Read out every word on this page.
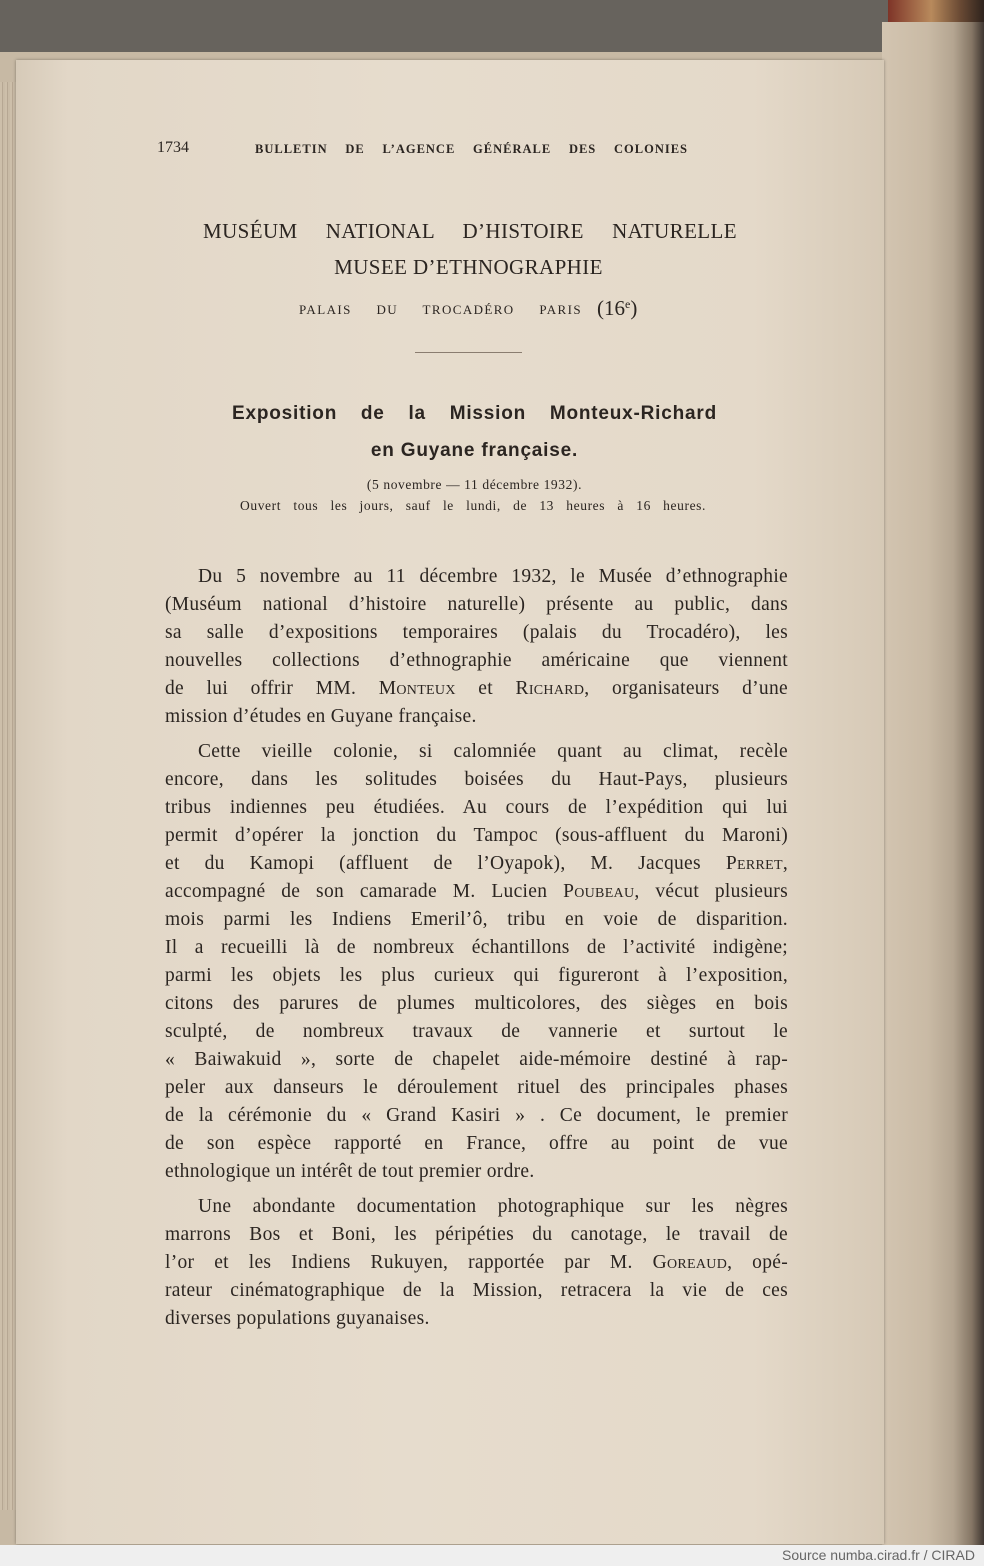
1734	BULLETIN DE L’AGENCE GÉNÉRALE DES COLONIES
MUSÉUM NATIONAL D’HISTOIRE NATURELLE
MUSEE D’ETHNOGRAPHIE
PALAIS DU TROCADÉRO PARIS (16e)
Exposition de la Mission Monteux-Richard
en Guyane française.
(5 novembre — 11 décembre 1932).
Ouvert tous les jours, sauf le lundi, de 13 heures à 16 heures.
Du 5 novembre au 11 décembre 1932, le Musée d’ethnographie
(Muséum national d’histoire naturelle) présente au public, dans
sa salle d’expositions temporaires (palais du Trocadéro), les
nouvelles collections d’ethnographie américaine que viennent
de lui offrir MM. Monteux et Richard, organisateurs d’une
mission d’études en Guyane française.
Cette vieille colonie, si calomniée quant au climat, recèle
encore, dans les solitudes boisées du Haut-Pays, plusieurs
tribus indiennes peu étudiées. Au cours de l’expédition qui lui
permit d’opérer la jonction du Tampoc (sous-affluent du Maroni)
et du Kamopi (affluent de l’Oyapok), M. Jacques Perret,
accompagné de son camarade M. Lucien Poubeau, vécut plusieurs
mois parmi les Indiens Emeril’ô, tribu en voie de disparition.
Il a recueilli là de nombreux échantillons de l’activité indigène;
parmi les objets les plus curieux qui figureront à l’exposition,
citons des parures de plumes multicolores, des sièges en bois
sculpté, de nombreux travaux de vannerie et surtout le
« Baiwakuid », sorte de chapelet aide-mémoire destiné à rap-
peler aux danseurs le déroulement rituel des principales phases
de la cérémonie du « Grand Kasiri » . Ce document, le premier
de son espèce rapporté en France, offre au point de vue
ethnologique un intérêt de tout premier ordre.
Une abondante documentation photographique sur les nègres
marrons Bos et Boni, les péripéties du canotage, le travail de
l’or et les Indiens Rukuyen, rapportée par M. Goreaud, opé-
rateur cinématographique de la Mission, retracera la vie de ces
diverses populations guyanaises.
Source numba.cirad.fr / CIRAD
